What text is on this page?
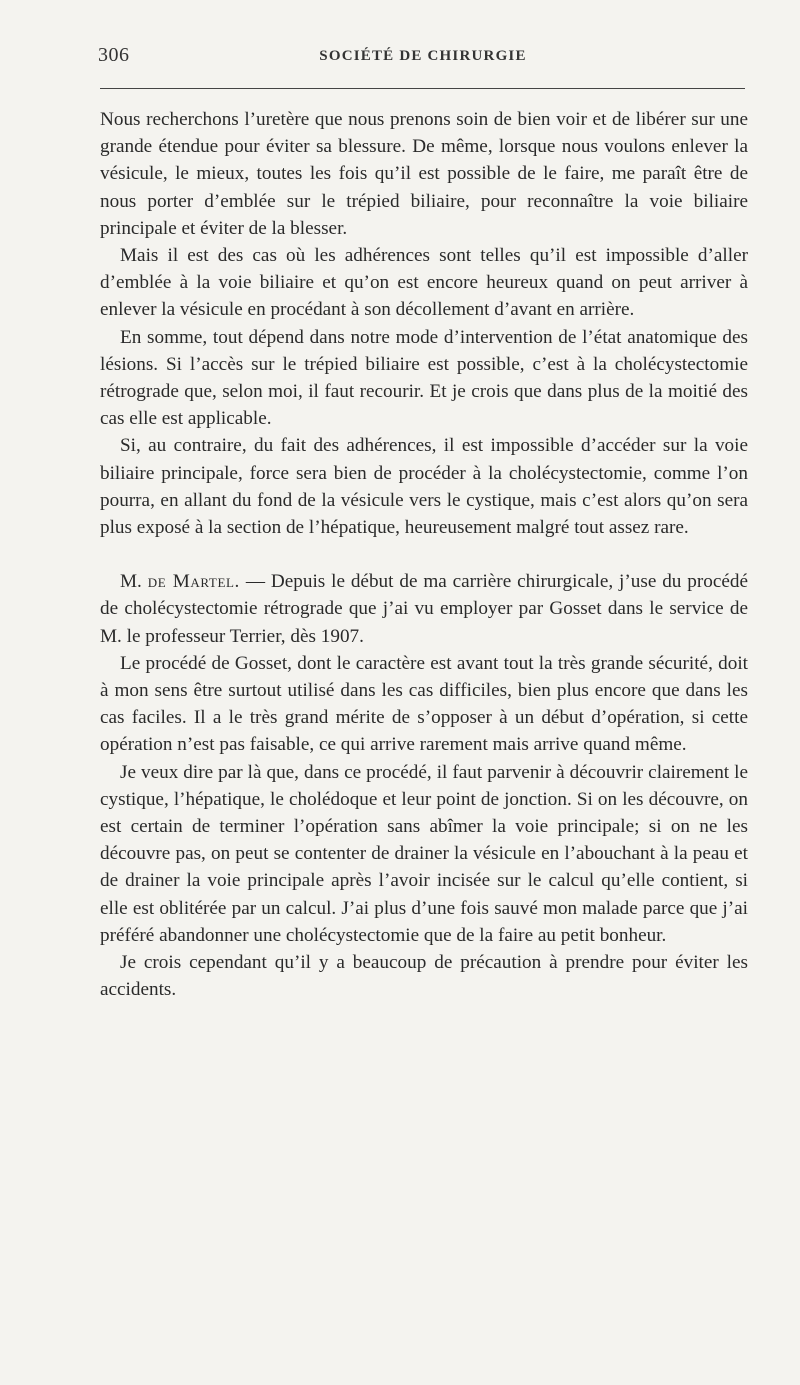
306	SOCIÉTÉ DE CHIRURGIE

Nous recherchons l’uretère que nous prenons soin de bien voir et de libérer sur une grande étendue pour éviter sa blessure. De même, lorsque nous voulons enlever la vésicule, le mieux, toutes les fois qu’il est possible de le faire, me paraît être de nous porter d’emblée sur le trépied biliaire, pour reconnaître la voie biliaire principale et éviter de la blesser.

Mais il est des cas où les adhérences sont telles qu’il est impossible d’aller d’emblée à la voie biliaire et qu’on est encore heureux quand on peut arriver à enlever la vésicule en procédant à son décollement d’avant en arrière.

En somme, tout dépend dans notre mode d’intervention de l’état anatomique des lésions. Si l’accès sur le trépied biliaire est possible, c’est à la cholécystectomie rétrograde que, selon moi, il faut recourir. Et je crois que dans plus de la moitié des cas elle est applicable.

Si, au contraire, du fait des adhérences, il est impossible d’accéder sur la voie biliaire principale, force sera bien de procéder à la cholécystectomie, comme l’on pourra, en allant du fond de la vésicule vers le cystique, mais c’est alors qu’on sera plus exposé à la section de l’hépatique, heureusement malgré tout assez rare.

M. de Martel. — Depuis le début de ma carrière chirurgicale, j’use du procédé de cholécystectomie rétrograde que j’ai vu employer par Gosset dans le service de M. le professeur Terrier, dès 1907.

Le procédé de Gosset, dont le caractère est avant tout la très grande sécurité, doit à mon sens être surtout utilisé dans les cas difficiles, bien plus encore que dans les cas faciles. Il a le très grand mérite de s’opposer à un début d’opération, si cette opération n’est pas faisable, ce qui arrive rarement mais arrive quand même.

Je veux dire par là que, dans ce procédé, il faut parvenir à découvrir clairement le cystique, l’hépatique, le cholédoque et leur point de jonction. Si on les découvre, on est certain de terminer l’opération sans abîmer la voie principale; si on ne les découvre pas, on peut se contenter de drainer la vésicule en l’abouchant à la peau et de drainer la voie principale après l’avoir incisée sur le calcul qu’elle contient, si elle est oblitérée par un calcul. J’ai plus d’une fois sauvé mon malade parce que j’ai préféré abandonner une cholécystectomie que de la faire au petit bonheur.

Je crois cependant qu’il y a beaucoup de précaution à prendre pour éviter les accidents.
